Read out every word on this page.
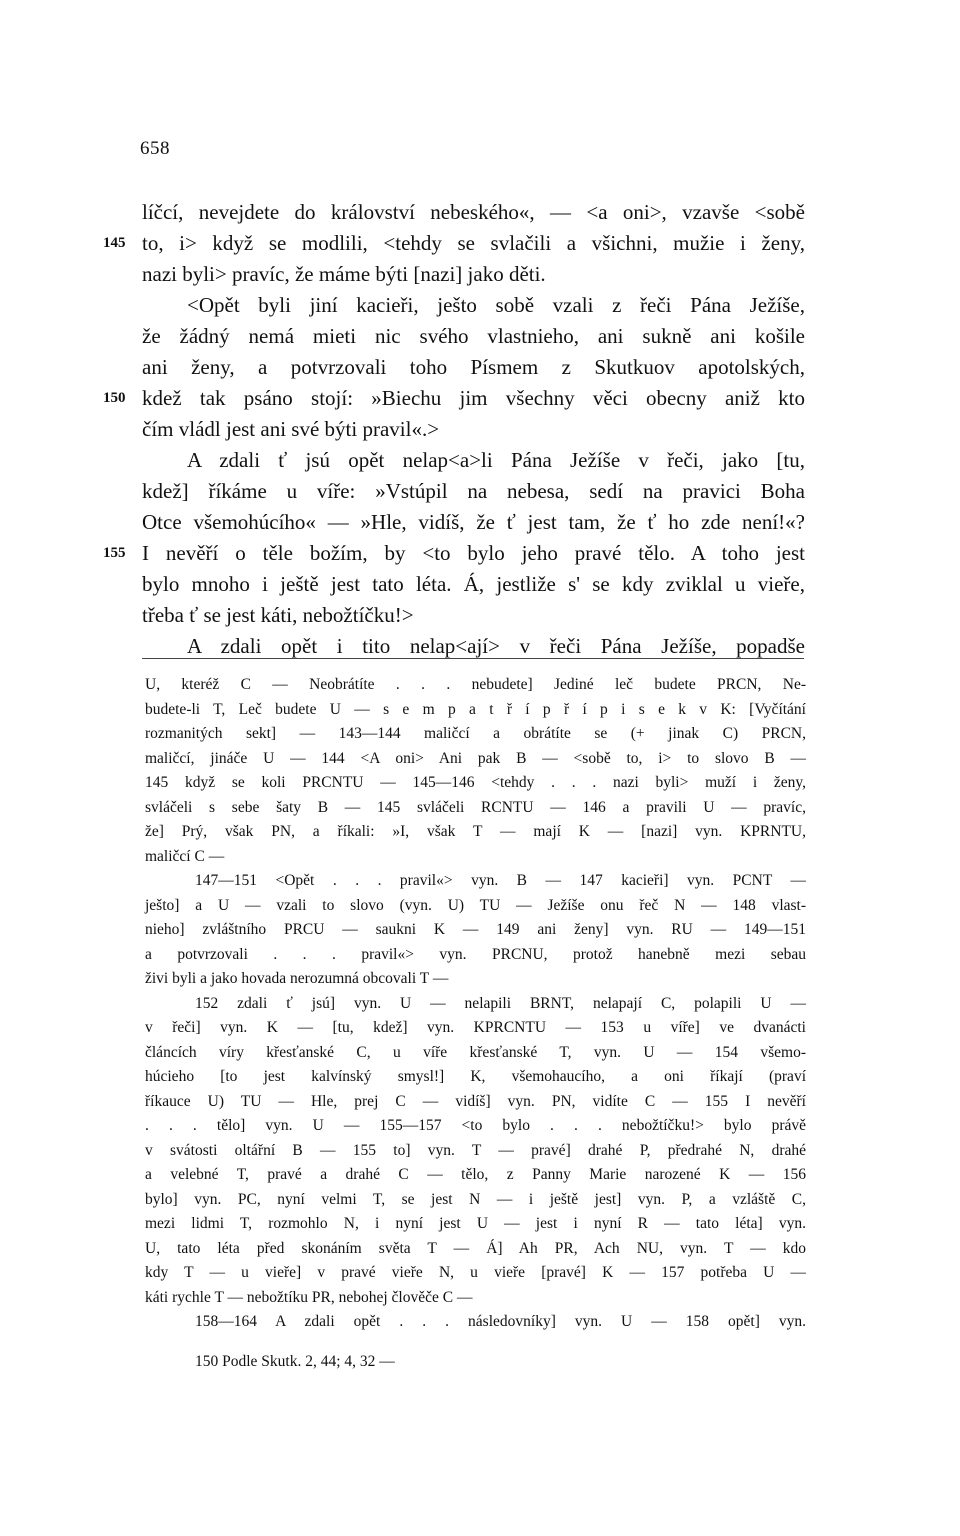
658
líčcí, nevejdete do království nebeského«, — <a oni>, vzavše <sobě
145 to, i> když se modlili, <tehdy se svlačili a všichni, mužie i ženy,
nazi byli> pravíc, že máme býti [nazi] jako děti.
<Opět byli jiní kacieři, ješto sobě vzali z řeči Pána Ježíše,
že žádný nemá mieti nic svého vlastnieho, ani sukně ani košile
ani ženy, a potvrzovali toho Písmem z Skutkuov apotolských,
150 kdež tak psáno stojí: »Biechu jim všechny věci obecny aniž kto
čím vládl jest ani své býti pravil«.>
A zdali ť jsú opět nelap<a>li Pána Ježíše v řeči, jako [tu,
kdež] říkáme u víře: »Vstúpil na nebesa, sedí na pravici Boha
Otce všemohúcího« — »Hle, vidíš, že ť jest tam, že ť ho zde není!«?
155 I nevěří o těle božím, by <to bylo jeho pravé tělo. A toho jest
bylo mnoho i ještě jest tato léta. Á, jestliže s' se kdy zviklal u vieře,
třeba ť se jest káti, nebožtíčku!>
A zdali opět i tito nelap<ají> v řeči Pána Ježíše, popadše
U, kteréž C — Neobrátíte . . . nebudete] Jediné leč budete PRCN, Ne-
budete-li T, Leč budete U — s e m p a t ř í p ř í p i s e k v K: [Vyčítání
rozmanitých sekt] — 143—144 maličcí a obrátíte se (+ jinak C) PRCN,
maličcí, jináče U — 144 <A oni> Ani pak B — <sobě to, i> to slovo B —
145 když se koli PRCNTU — 145—146 <tehdy . . . nazi byli> muží i ženy,
svláčeli s sebe šaty B — 145 svláčeli RCNTU — 146 a pravili U — pravíc,
že] Prý, však PN, a říkali: »I, však T — mají K — [nazi] vyn. KPRNTU,
maličcí C —
147—151 <Opět . . . pravil«> vyn. B — 147 kacieři] vyn. PCNT —
ješto] a U — vzali to slovo (vyn. U) TU — Ježíše onu řeč N — 148 vlast-
nieho] zvláštního PRCU — saukni K — 149 ani ženy] vyn. RU — 149—151
a potvrzovali . . . pravil«> vyn. PRCNU, protož hanebně mezi sebau
živi byli a jako hovada nerozumná obcovali T —
152 zdali ť jsú] vyn. U — nelapili BRNT, nelapají C, polapili U —
v řeči] vyn. K — [tu, kdež] vyn. KPRCNTU — 153 u víře] ve dvanácti
článcích víry křesťanské C, u víře křesťanské T, vyn. U — 154 všemo-
húcieho [to jest kalvínský smysl!] K, všemohaucího, a oni říkají (praví
říkauce U) TU — Hle, prej C — vidíš] vyn. PN, vidíte C — 155 I nevěří
. . . tělo] vyn. U — 155—157 <to bylo . . . nebožtíčku!> bylo právě
v svátosti oltářní B — 155 to] vyn. T — pravé] drahé P, předrahé N, drahé
a velebné T, pravé a drahé C — tělo, z Panny Marie narozené K — 156
bylo] vyn. PC, nyní velmi T, se jest N — i ještě jest] vyn. P, a vzláště C,
mezi lidmi T, rozmohlo N, i nyní jest U — jest i nyní R — tato léta] vyn.
U, tato léta před skonáním světa T — Á] Ah PR, Ach NU, vyn. T — kdo
kdy T — u vieře] v pravé vieře N, u vieře [pravé] K — 157 potřeba U —
káti rychle T — nebožtíku PR, nebohej člověče C —
158—164 A zdali opět . . . následovníky] vyn. U — 158 opět] vyn.
150 Podle Skutk. 2, 44; 4, 32 —
